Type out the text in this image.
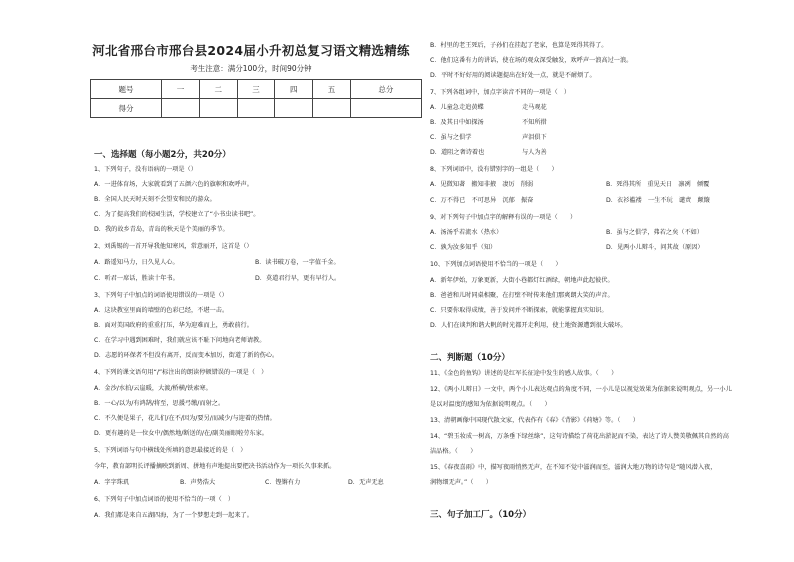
河北省邢台市邢台县2024届小升初总复习语文精选精练
考生注意：满分100分，时间90分钟
题号	一	二	三	四	五	总分
得分						
一、选择题（每小题2分，共20分）
1、下列句子，没有语病的一项是（）
A．一进体育场，大家就看到了五颜六色的旗帜和欢呼声。
B．全国人民天时天刻不会望安和民的游众。
C．为了提高我们的校园生活，学校建立了“小书虫读书吧”。
D．我的故乡青岛，青岛的秋天是个美丽的季节。
2、刘禹锡的一首开导我他知寒风，常意丽开，这首是（）
A．路遥知马力，日久见人心。	B．读书破万卷，一字值千金。
C．听君一席话，胜读十年书。	D．莫道君行早，更有早行人。
3、下列句子中加点的词语使用错误的一项是（）
A．这块教室里面的墙壁的色彩已经，不堪一击。
B．面对美国政府的重重打压，华为迎难而上，勇敢前行。
C．在学习中遇到困难时，我们就应该不耻下问地向老师请教。
D．志愿的环保者不但没有离开，反而变本加厉，街道了新的伤心。
4、下列的课文语句用“/”标注出的朗读停顿错误的一项是（　）
A．金沙/水拍/云崖暖，大渡/桥横/铁索寒。
B．一心/以为/有鸿鹄/将至，思援弓缴/而射之。
C．不久便是果子，花儿们/在不/因为/要另/而减少/与迎着的热情。
D．更有趣的是一位女中/偶然地/断送的/在/副美丽眼啦劳东家。
5、下列词语与句中横线处所填的意思最接近的是（　）
今年，教育部明长评播摘映到新周、拼地有声地提出要把决书活动作为一项长久事来抓。
A．字字珠玑	B．声势浩大	C．铿锵有力	D．无声无息
6、下列句子中加点词语的使用不恰当的一项（　）
A．我们都是来自五湖四海，为了一个梦想走到一起来了。
B．村里的老王死后，子孙们在挂起了老家，也算是死得其得了。
C．他们这番有力的讲话，使在场的观众深受触发，欢呼声一浪高过一浪。
D．平时不好好用的阅读题提出在好处一点，就是不耐烦了。
7、下列各组词中，加点字读音不同的一项是（　）
A．儿童急走追黄蝶	走马观花
B．及其日中如探汤	不知所措
C．虽与之俱学	声泪俱下
D．道阻之奢诗着也	与人为善
8、下列词语中，没有错别字的一组是（　　）
A．见微知著　搬知非掖　凄厉　削弱	B．死得其所　重见天日　凛冽　倾覆
C．万不得已　不可思异　沉郁　振奋	D．衣衫褴褛　一生不玩　谴责　颠簸
9、对下列句子中加点字的解释有误的一项是（　　）
A．汤汤乎若流水（热水）	B．虽与之俱学，弗若之矣（不如）
C．孰为汝多知乎（知）	D．见两小儿辩斗，问其故（原因）
10、下列加点词语使用不恰当的一项是（　　）
A．新年伊始，万象更新，大街小巷都灯红酒绿，朝地声此起彼伏。
B．爸爸和儿时同桌相聚，在打壁不时传来他们那爽朗大笑的声音。
C．只要你取得成绩，善于发问并不断探索，就能掌握真实知识。
D．人们在谈判和谐大帆的时光都开走利用，使土地资源遭到很大破坏。
二、判断题（10分）
11、《金色的鱼钩》讲述的是红军长征途中发生的感人故事。（　　）
12、《两小儿辩日》一文中，两个小儿表达观点的角度不同，一小儿是以视觉效果为依据来说明观点，另一小儿
是以对温度的感知为依据说明观点。（　　）
13、清朝画像中国现代散文家，代表作有《春》《背影》《荷塘》等。（　　）
14、“碧玉妆成一树高，万条垂下绿丝绦”，这句诗描绘了荷花出淤泥而不染，表达了诗人赞美敬佩其自然的高
洁品格。（　　）
15、《春夜喜雨》中，描写夜雨悄然无声，在不知不觉中滋润而至，滋润大地万物的诗句是“随风潜入夜，
润物细无声。”（　　）
三、句子加工厂。（10分）
